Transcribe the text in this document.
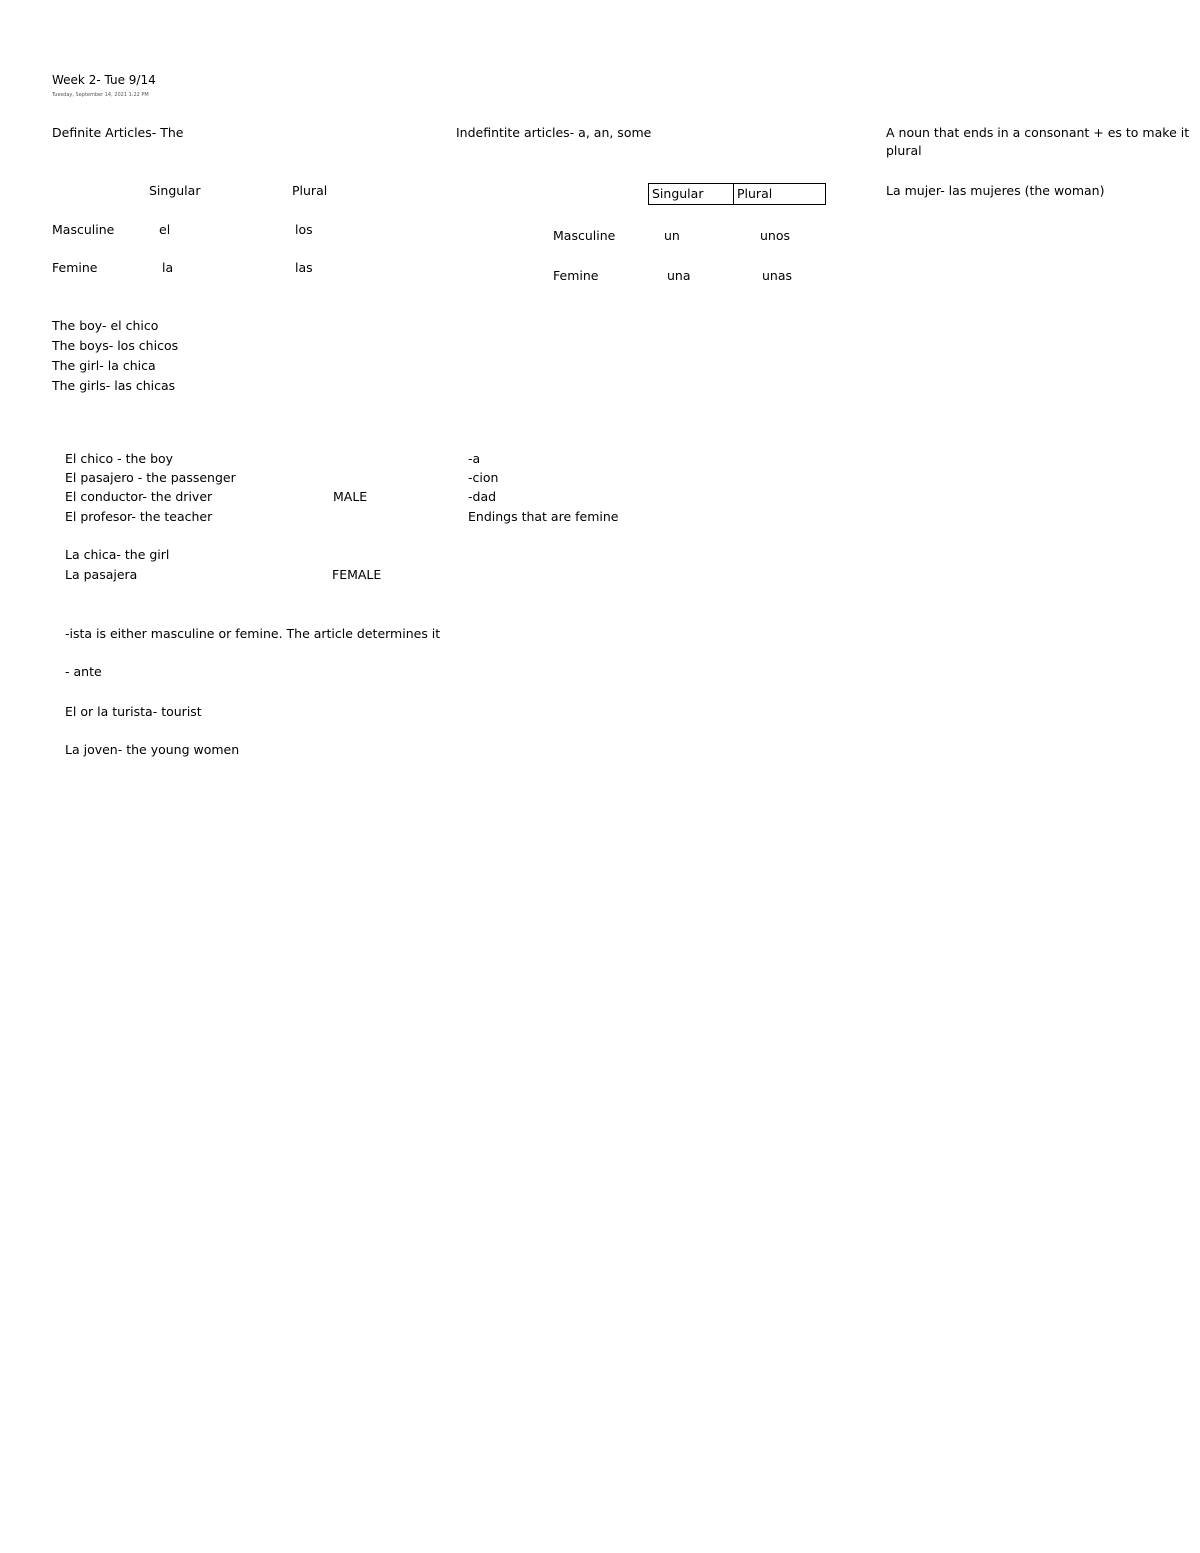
Week 2- Tue 9/14
Tuesday, September 14, 2021 1:22 PM
Definite Articles- The
Singular	Plural
Masculine	el	los
Femine	la	las
The boy- el chico
The boys- los chicos
The girl- la chica
The girls- las chicas
Indefintite articles- a, an, some
Singular	Plural
Masculine	un	unos
Femine	una	unas
A noun that ends in a consonant + es to make it plural
La mujer- las mujeres (the woman)
El chico - the boy
El pasajero - the passenger
El conductor- the driver
El profesor- the teacher
MALE
La chica- the girl
La pasajera	FEMALE
-a
-cion
-dad
Endings that are femine
-ista is either masculine or femine. The article determines it
- ante
El or la turista- tourist
La joven- the young women
